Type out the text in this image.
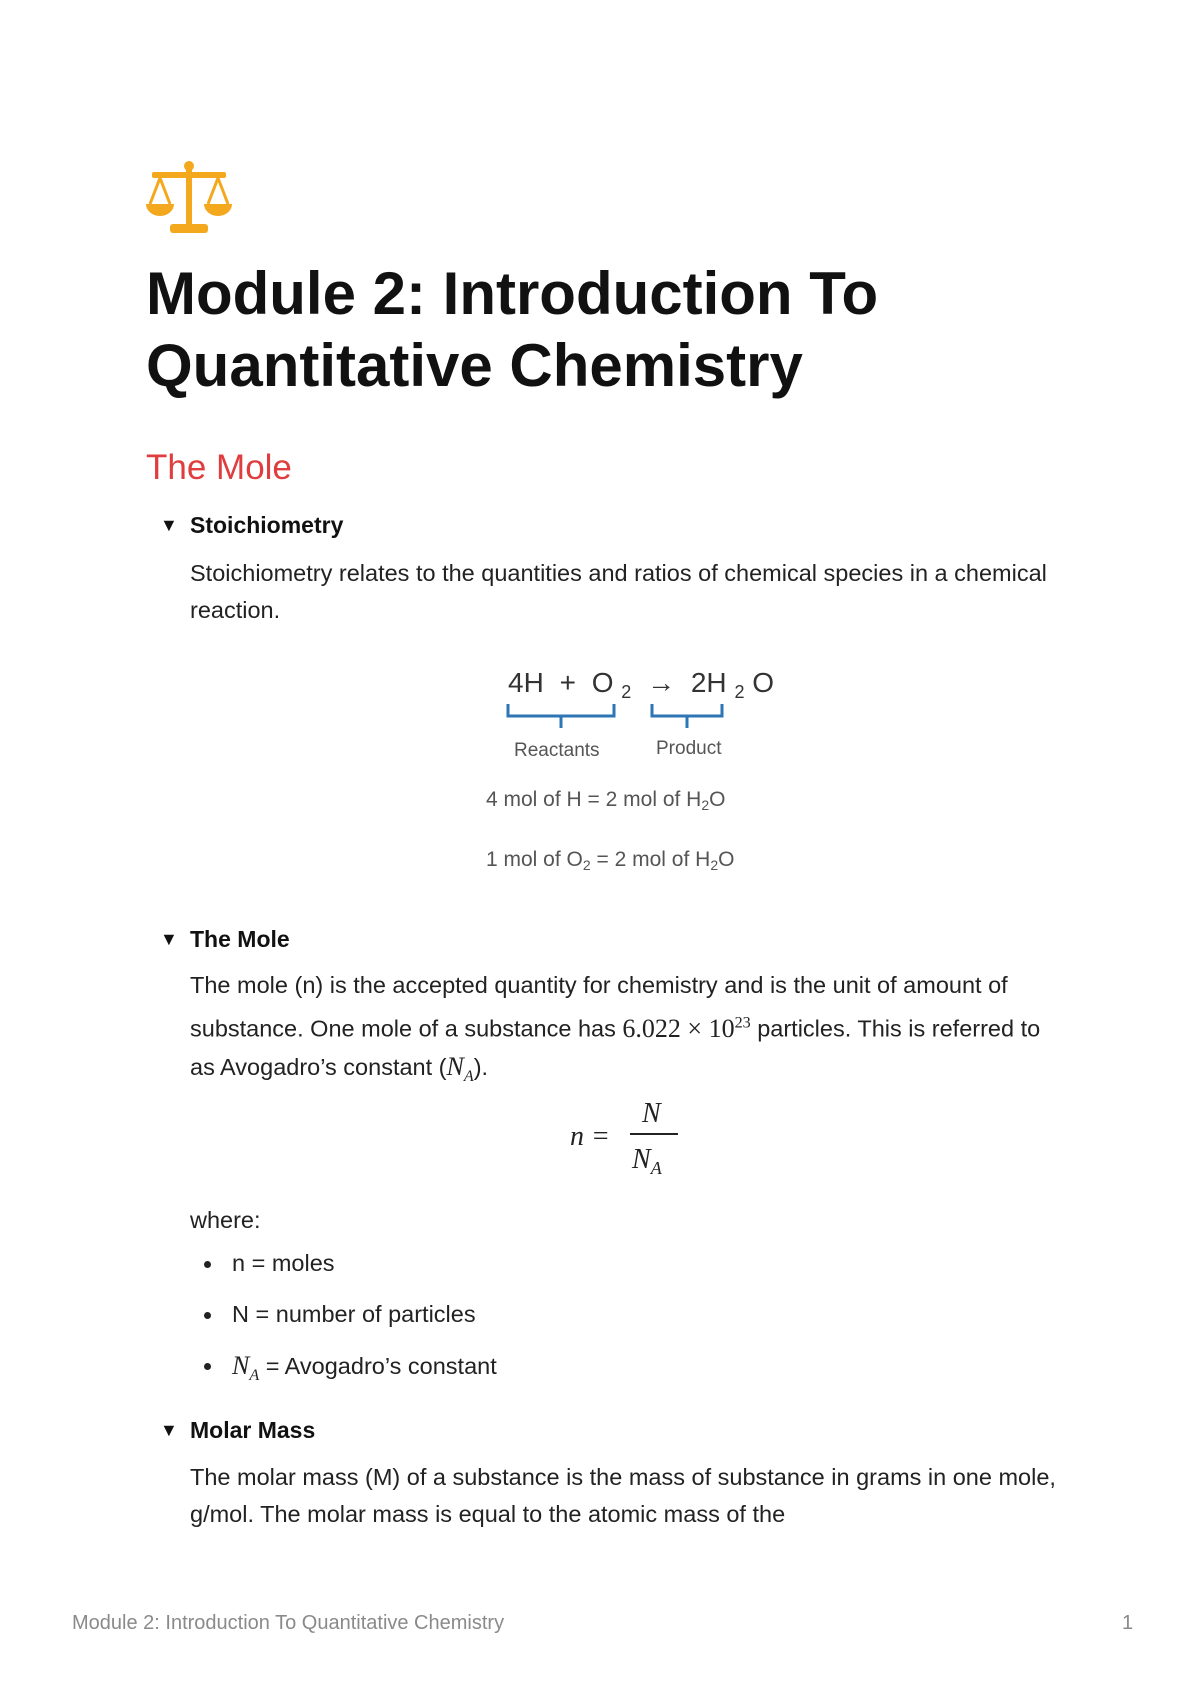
Module 2: Introduction To Quantitative Chemistry
The Mole
▼ Stoichiometry

Stoichiometry relates to the quantities and ratios of chemical species in a chemical reaction.

4H + O $_2$ → 2H $_2$ O
Reactants	Product
4 mol of H = 2 mol of H2O
1 mol of O2 = 2 mol of H2O
▼ The Mole

The mole (n) is the accepted quantity for chemistry and is the unit of amount of substance. One mole of a substance has $6.022 \times 10^{23}$ particles. This is referred to as Avogadro’s constant $(N_A)$.

n =
N
$N_A$

where:

n = moles
N = number of particles
$N_A$ = Avogadro’s constant
▼ Molar Mass

The molar mass (M) of a substance is the mass of substance in grams in one mole, g/mol. The molar mass is equal to the atomic mass of the

Module 2: Introduction To Quantitative Chemistry	1
